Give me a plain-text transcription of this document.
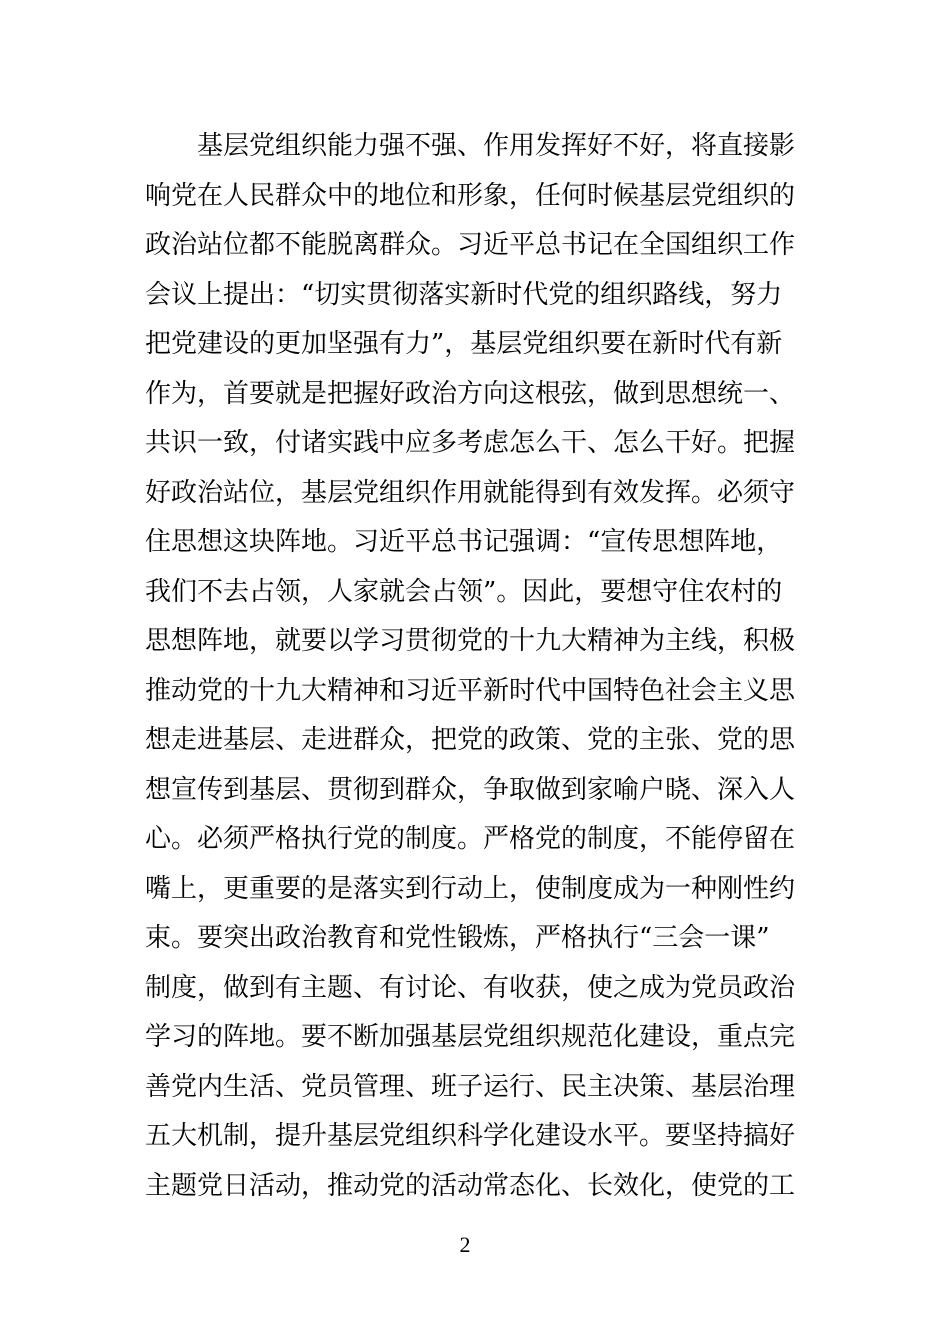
基层党组织能力强不强、作用发挥好不好，将直接影
响党在人民群众中的地位和形象，任何时候基层党组织的
政治站位都不能脱离群众。习近平总书记在全国组织工作
会议上提出：“切实贯彻落实新时代党的组织路线，努力
把党建设的更加坚强有力”，基层党组织要在新时代有新
作为，首要就是把握好政治方向这根弦，做到思想统一、
共识一致，付诸实践中应多考虑怎么干、怎么干好。把握
好政治站位，基层党组织作用就能得到有效发挥。必须守
住思想这块阵地。习近平总书记强调：“宣传思想阵地，
我们不去占领，人家就会占领”。因此，要想守住农村的
思想阵地，就要以学习贯彻党的十九大精神为主线，积极
推动党的十九大精神和习近平新时代中国特色社会主义思
想走进基层、走进群众，把党的政策、党的主张、党的思
想宣传到基层、贯彻到群众，争取做到家喻户晓、深入人
心。必须严格执行党的制度。严格党的制度，不能停留在
嘴上，更重要的是落实到行动上，使制度成为一种刚性约
束。要突出政治教育和党性锻炼，严格执行“三会一课”
制度，做到有主题、有讨论、有收获，使之成为党员政治
学习的阵地。要不断加强基层党组织规范化建设，重点完
善党内生活、党员管理、班子运行、民主决策、基层治理
五大机制，提升基层党组织科学化建设水平。要坚持搞好
主题党日活动，推动党的活动常态化、长效化，使党的工
2
